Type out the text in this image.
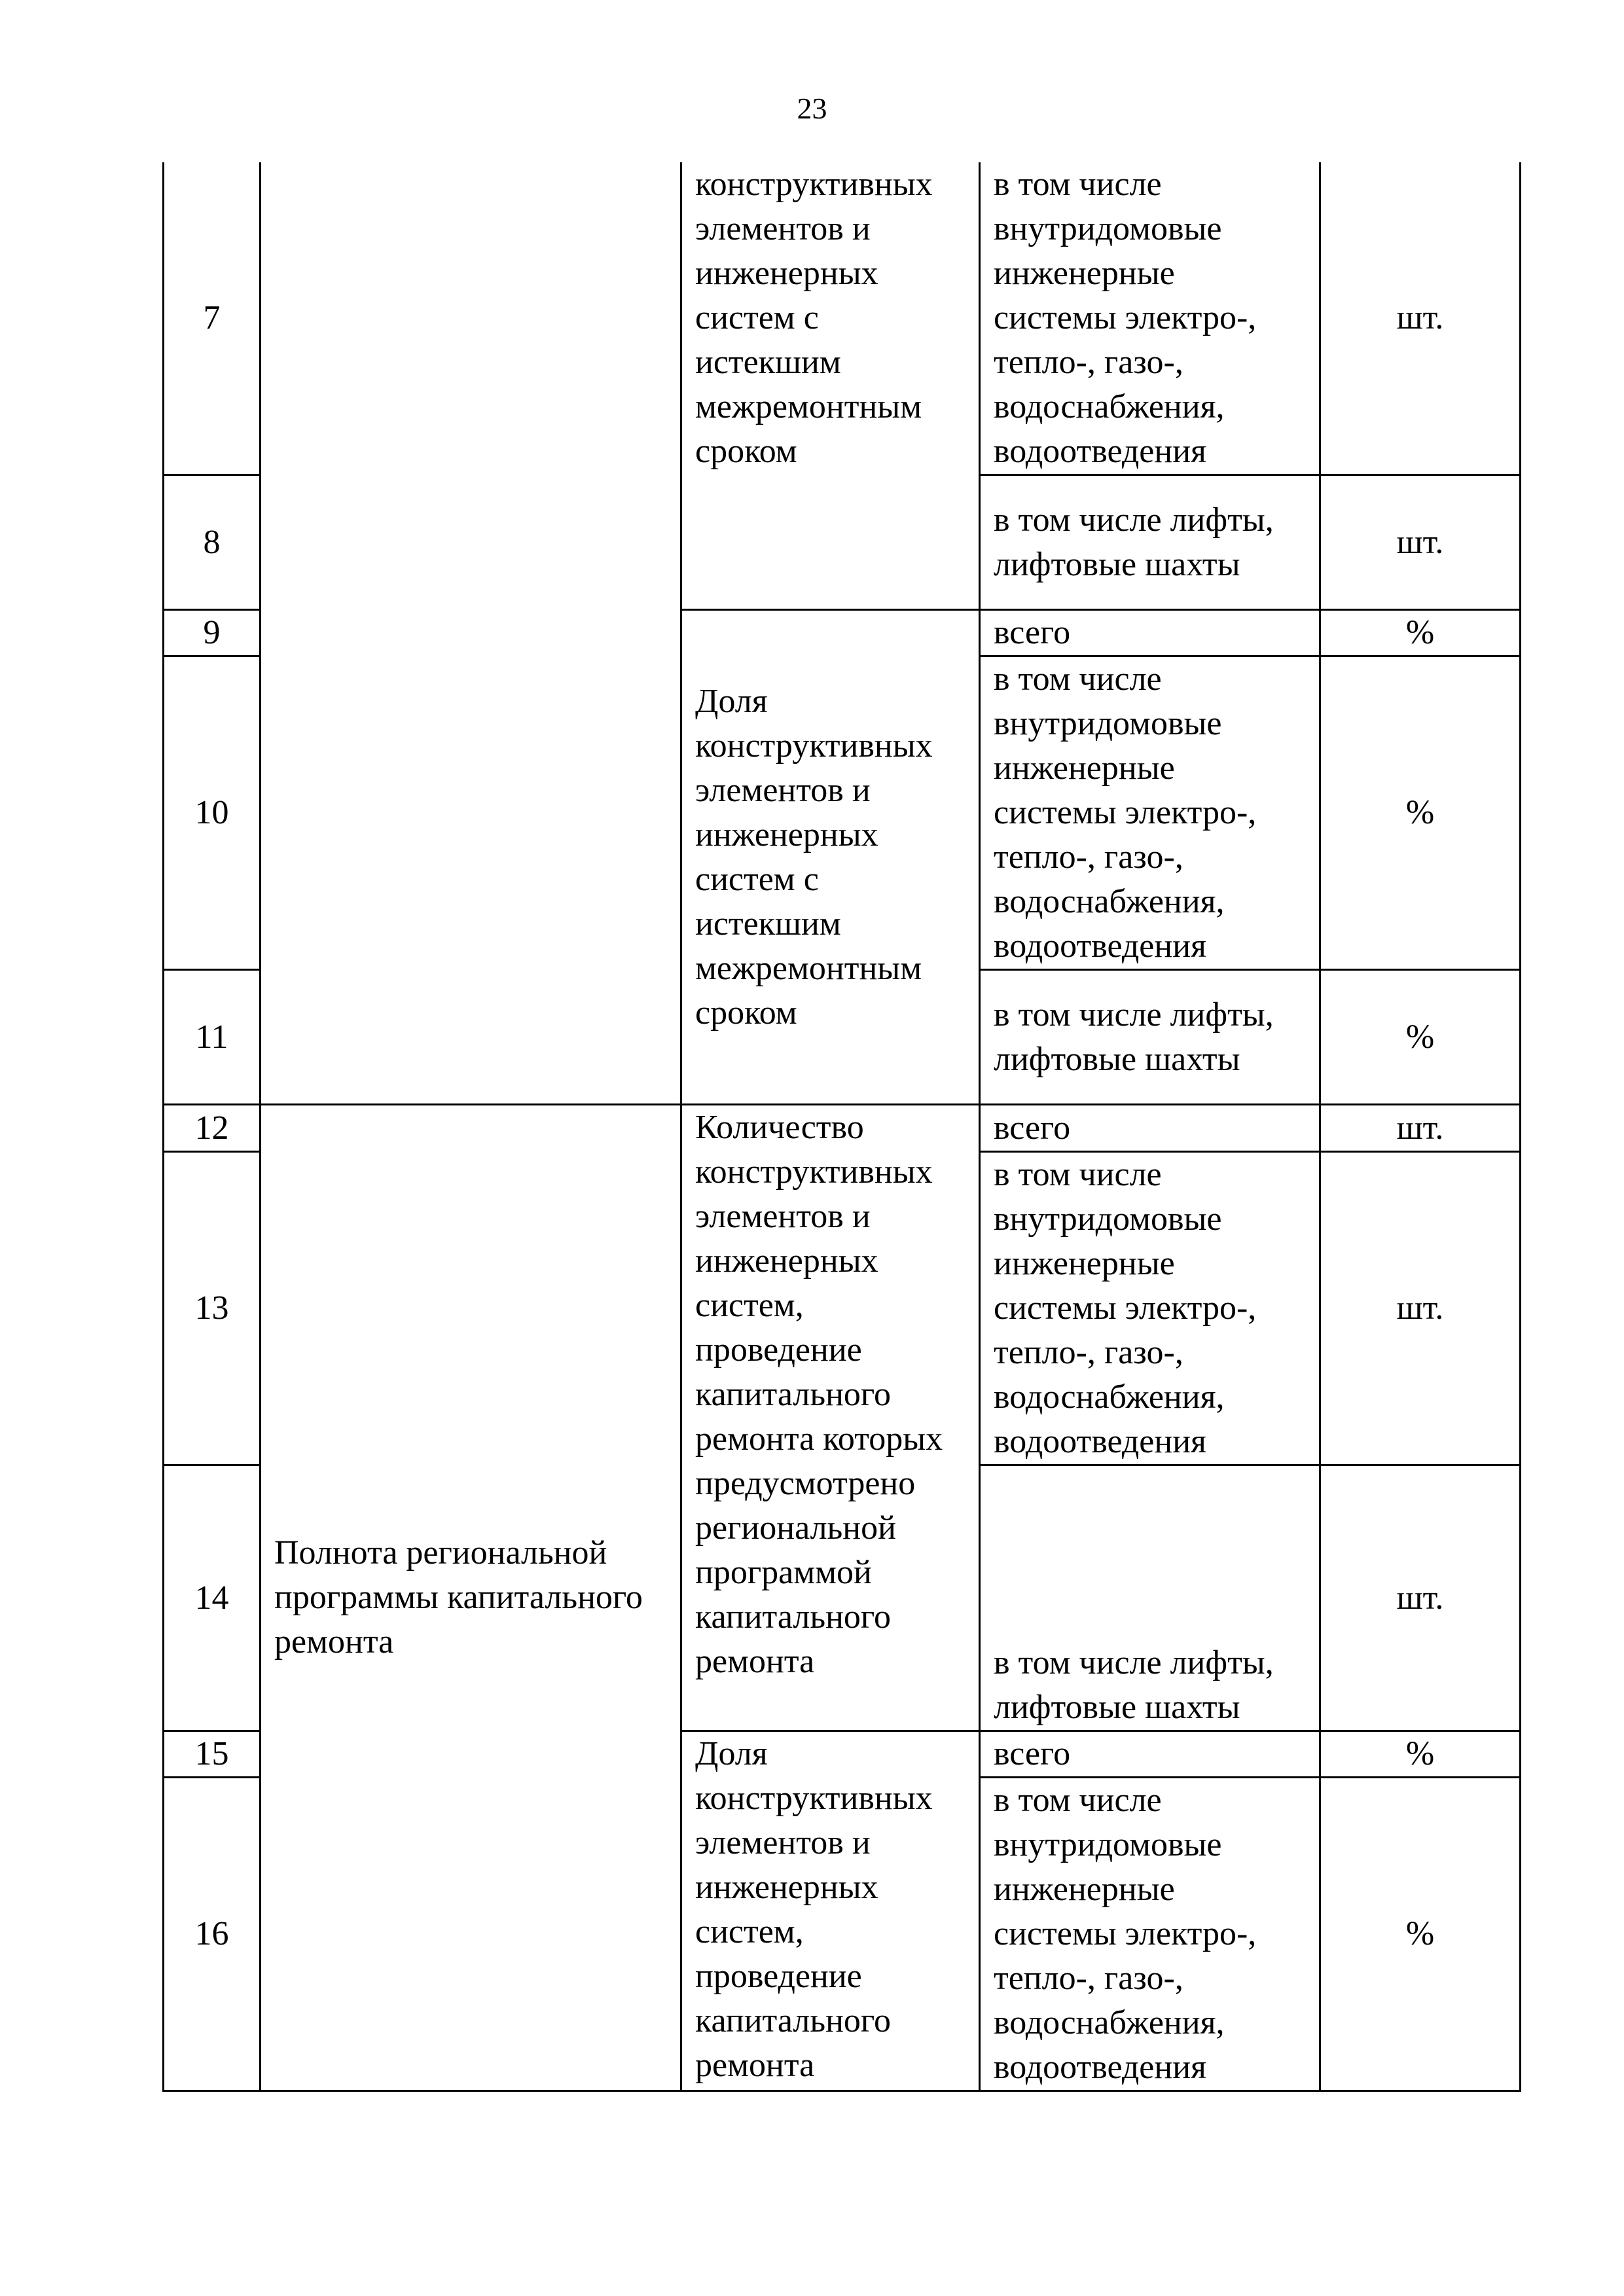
23
7		конструктивных элементов и инженерных систем с истекшим межремонтным сроком	в том числе внутридомовые инженерные системы электро-, тепло-, газо-, водоснабжения, водоотведения	шт.
8			в том числе лифты, лифтовые шахты	шт.
9		Доля конструктивных элементов и инженерных систем с истекшим межремонтным сроком	всего	%
10			в том числе внутридомовые инженерные системы электро-, тепло-, газо-, водоснабжения, водоотведения	%
11			в том числе лифты, лифтовые шахты	%
12	Полнота региональной программы капитального ремонта	Количество конструктивных элементов и инженерных систем, проведение капитального ремонта которых предусмотрено региональной программой капитального ремонта	всего	шт.
13			в том числе внутридомовые инженерные системы электро-, тепло-, газо-, водоснабжения, водоотведения	шт.
14			в том числе лифты, лифтовые шахты	шт.
15		Доля конструктивных элементов и инженерных систем, проведение капитального ремонта	всего	%
16			в том числе внутридомовые инженерные системы электро-, тепло-, газо-, водоснабжения, водоотведения	%
